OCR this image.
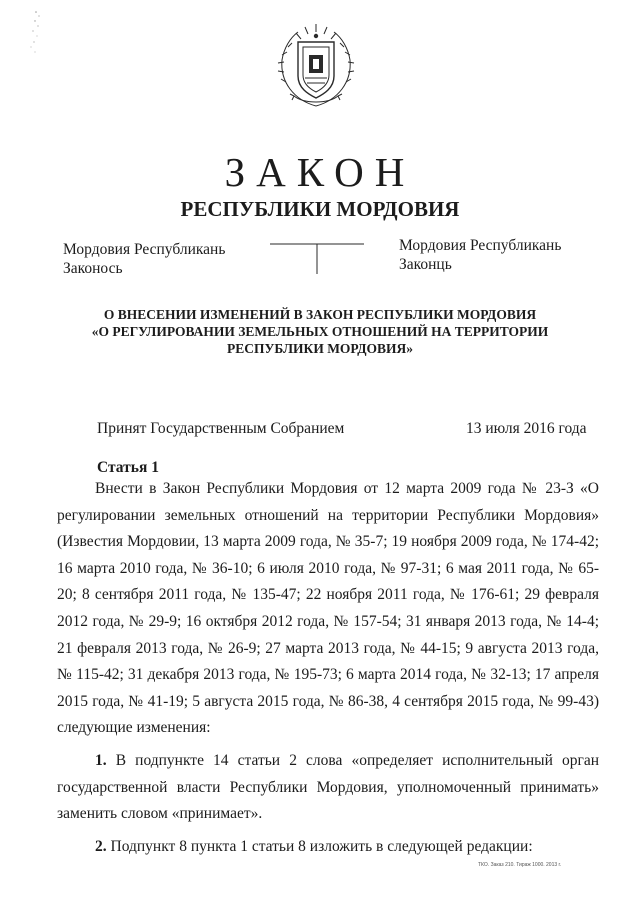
ЗАКОН
РЕСПУБЛИКИ МОРДОВИЯ
Мордовия Республикань
Законось
Мордовия Республикань
Законць
О ВНЕСЕНИИ ИЗМЕНЕНИЙ В ЗАКОН РЕСПУБЛИКИ МОРДОВИЯ
«О РЕГУЛИРОВАНИИ ЗЕМЕЛЬНЫХ ОТНОШЕНИЙ НА ТЕРРИТОРИИ
РЕСПУБЛИКИ МОРДОВИЯ»
Принят Государственным Собранием	13 июля 2016 года
Статья 1
Внести в Закон Республики Мордовия от 12 марта 2009 года № 23-З «О
регулировании земельных отношений на территории Республики Мордовия»
(Известия Мордовии, 13 марта 2009 года, № 35-7; 19 ноября 2009 года, № 174-42;
16 марта 2010 года, № 36-10; 6 июля 2010 года, № 97-31; 6 мая 2011 года, № 65-
20; 8 сентября 2011 года, № 135-47; 22 ноября 2011 года, № 176-61; 29 февраля
2012 года, № 29-9; 16 октября 2012 года, № 157-54; 31 января 2013 года, № 14-4;
21 февраля 2013 года, № 26-9; 27 марта 2013 года, № 44-15; 9 августа 2013 года,
№ 115-42; 31 декабря 2013 года, № 195-73; 6 марта 2014 года, № 32-13; 17 апреля
2015 года, № 41-19; 5 августа 2015 года, № 86-38, 4 сентября 2015 года, № 99-43)
следующие изменения:
1. В подпункте 14 статьи 2 слова «определяет исполнительный орган
государственной власти Республики Мордовия, уполномоченный принимать»
заменить словом «принимает».
2. Подпункт 8 пункта 1 статьи 8 изложить в следующей редакции:
ТКО. Заказ 210. Тираж 1000. 2013 г.
